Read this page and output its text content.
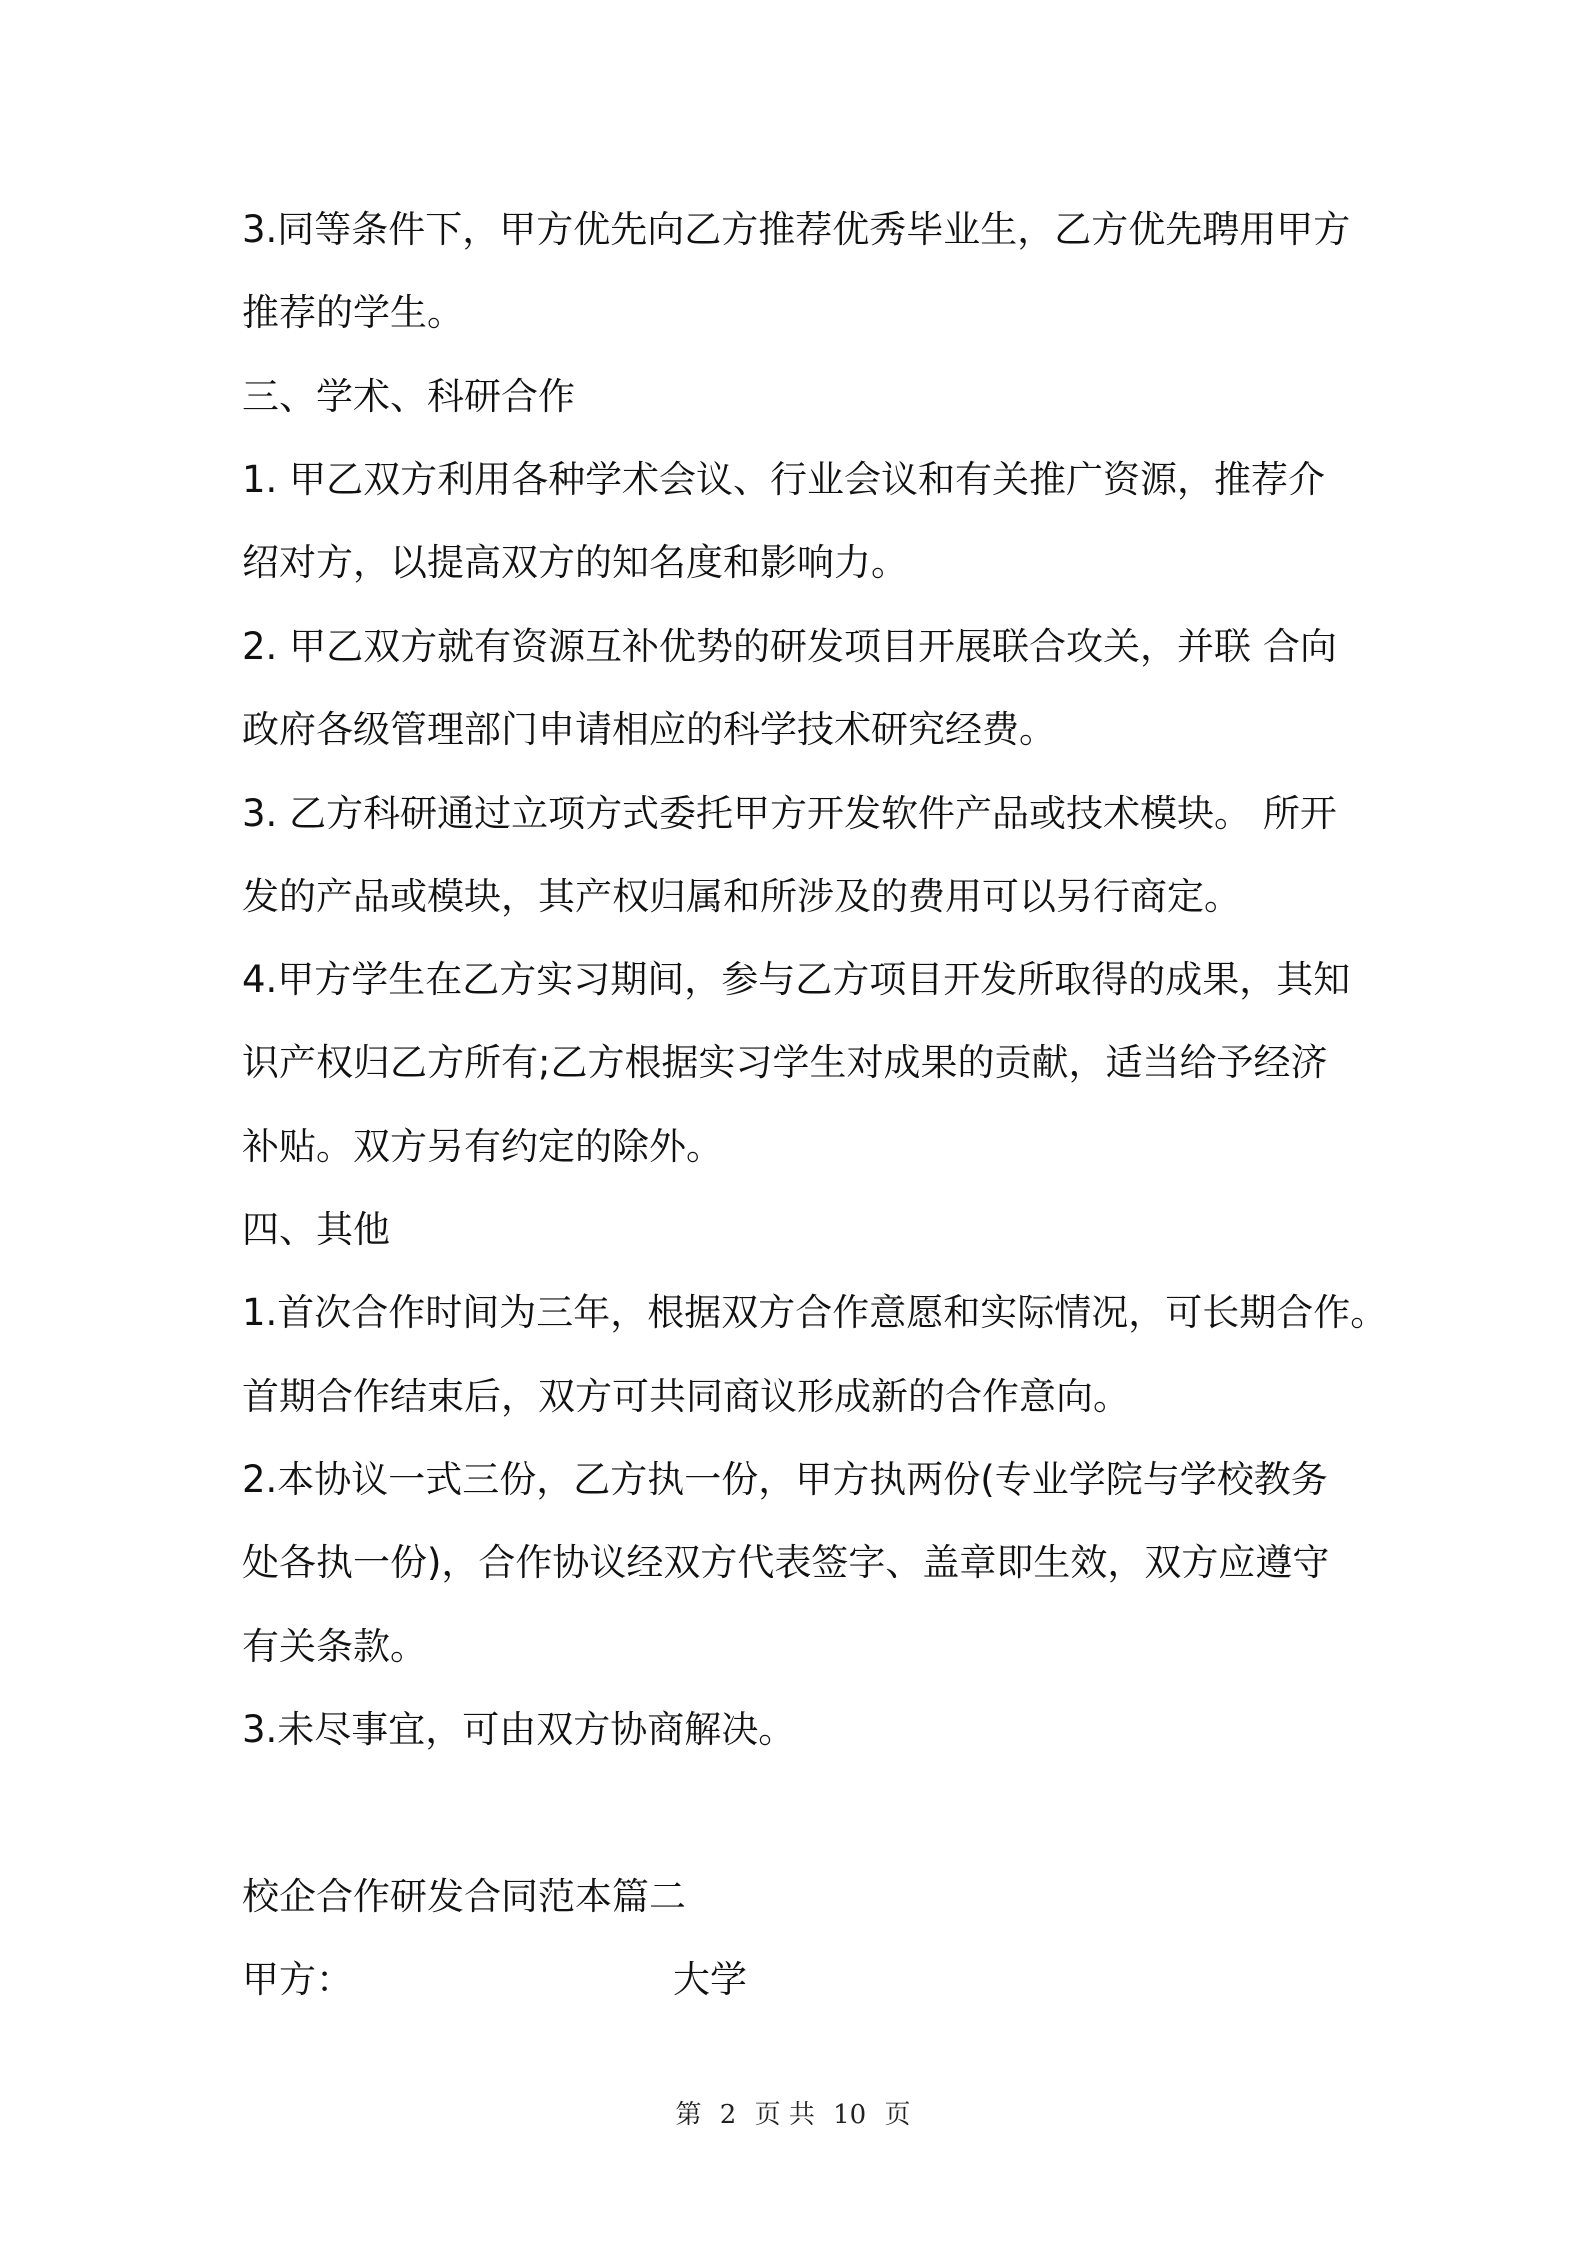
3.同等条件下，甲方优先向乙方推荐优秀毕业生，乙方优先聘用甲方
推荐的学生。
三、学术、科研合作
1. 甲乙双方利用各种学术会议、行业会议和有关推广资源，推荐介
绍对方，以提高双方的知名度和影响力。
2. 甲乙双方就有资源互补优势的研发项目开展联合攻关，并联 合向
政府各级管理部门申请相应的科学技术研究经费。
3. 乙方科研通过立项方式委托甲方开发软件产品或技术模块。 所开
发的产品或模块，其产权归属和所涉及的费用可以另行商定。
4.甲方学生在乙方实习期间，参与乙方项目开发所取得的成果，其知
识产权归乙方所有;乙方根据实习学生对成果的贡献，适当给予经济
补贴。双方另有约定的除外。
四、其他
1.首次合作时间为三年，根据双方合作意愿和实际情况，可长期合作。
首期合作结束后，双方可共同商议形成新的合作意向。
2.本协议一式三份，乙方执一份，甲方执两份(专业学院与学校教务
处各执一份)，合作协议经双方代表签字、盖章即生效，双方应遵守
有关条款。
3.未尽事宜，可由双方协商解决。
校企合作研发合同范本篇二
甲方：	大学
第 2 页 共 10 页
